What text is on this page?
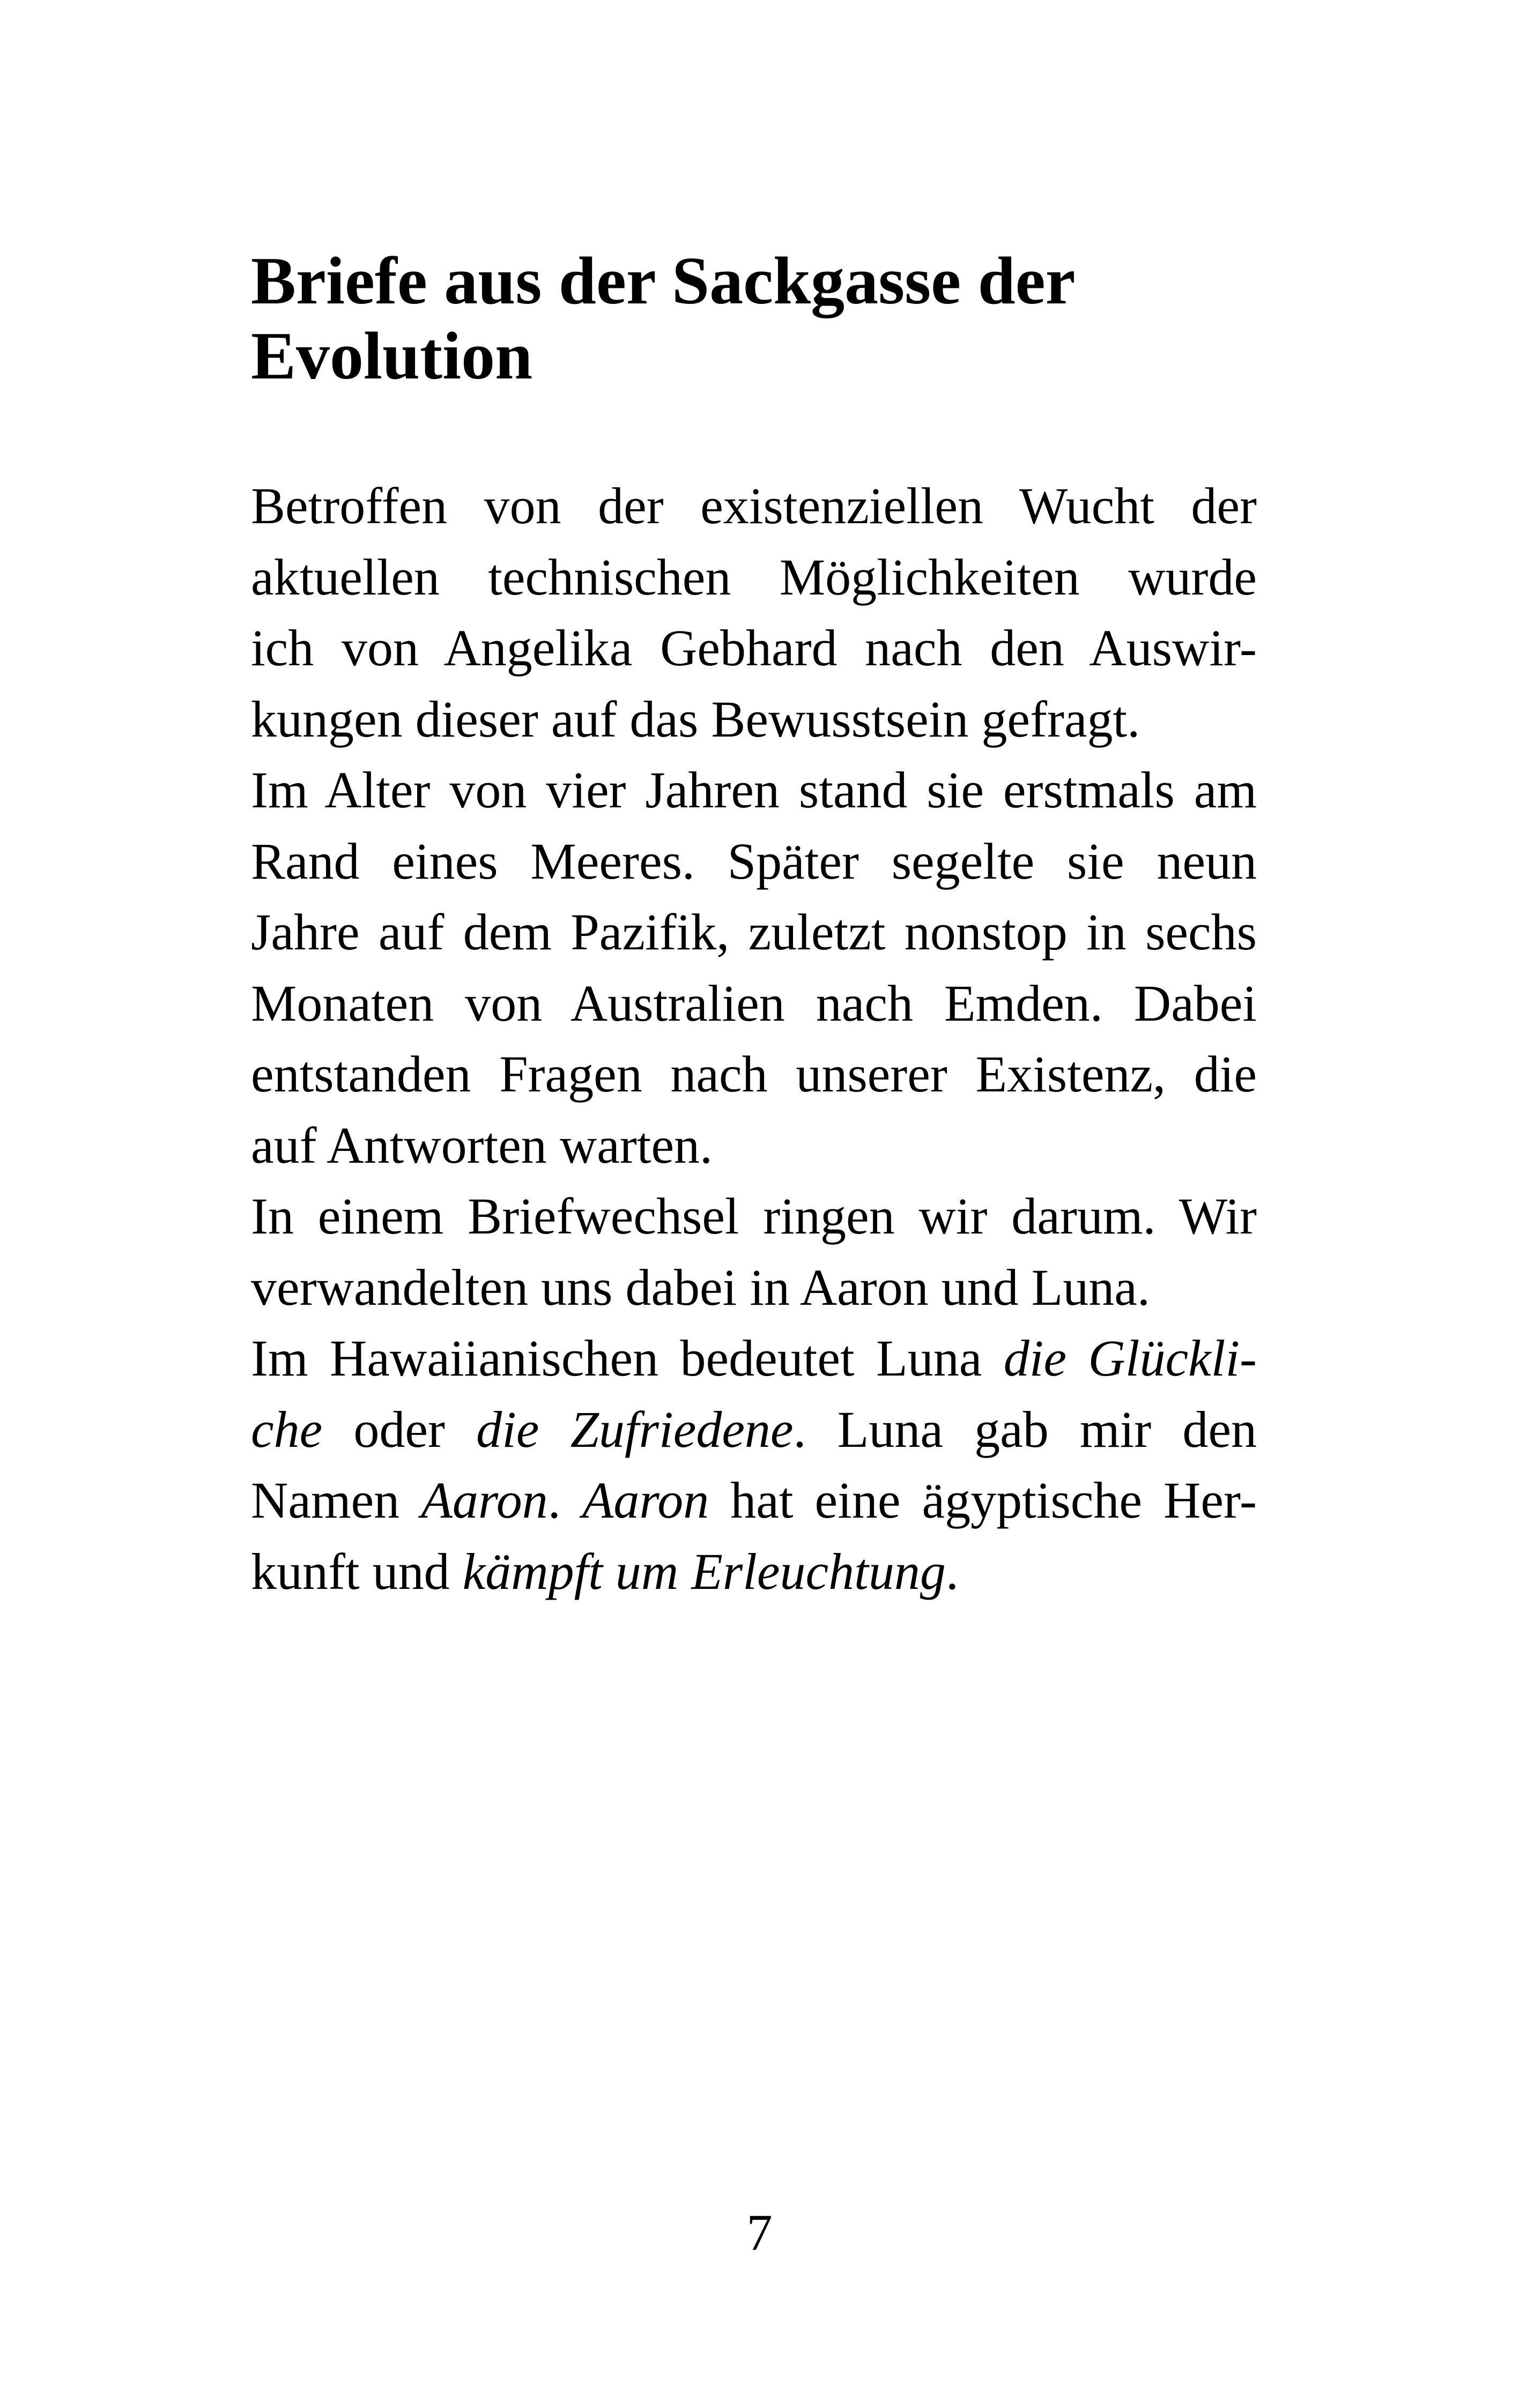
Briefe aus der Sackgasse der
Evolution
Betroffen von der existenziellen Wucht der
aktuellen technischen Möglichkeiten wurde
ich von Angelika Gebhard nach den Auswir-
kungen dieser auf das Bewusstsein gefragt.
Im Alter von vier Jahren stand sie erstmals am
Rand eines Meeres. Später segelte sie neun
Jahre auf dem Pazifik, zuletzt nonstop in sechs
Monaten von Australien nach Emden. Dabei
entstanden Fragen nach unserer Existenz, die
auf Antworten warten.
In einem Briefwechsel ringen wir darum. Wir
verwandelten uns dabei in Aaron und Luna.
Im Hawaiianischen bedeutet Luna die Glückli-
che oder die Zufriedene. Luna gab mir den
Namen Aaron. Aaron hat eine ägyptische Her-
kunft und kämpft um Erleuchtung.
7
